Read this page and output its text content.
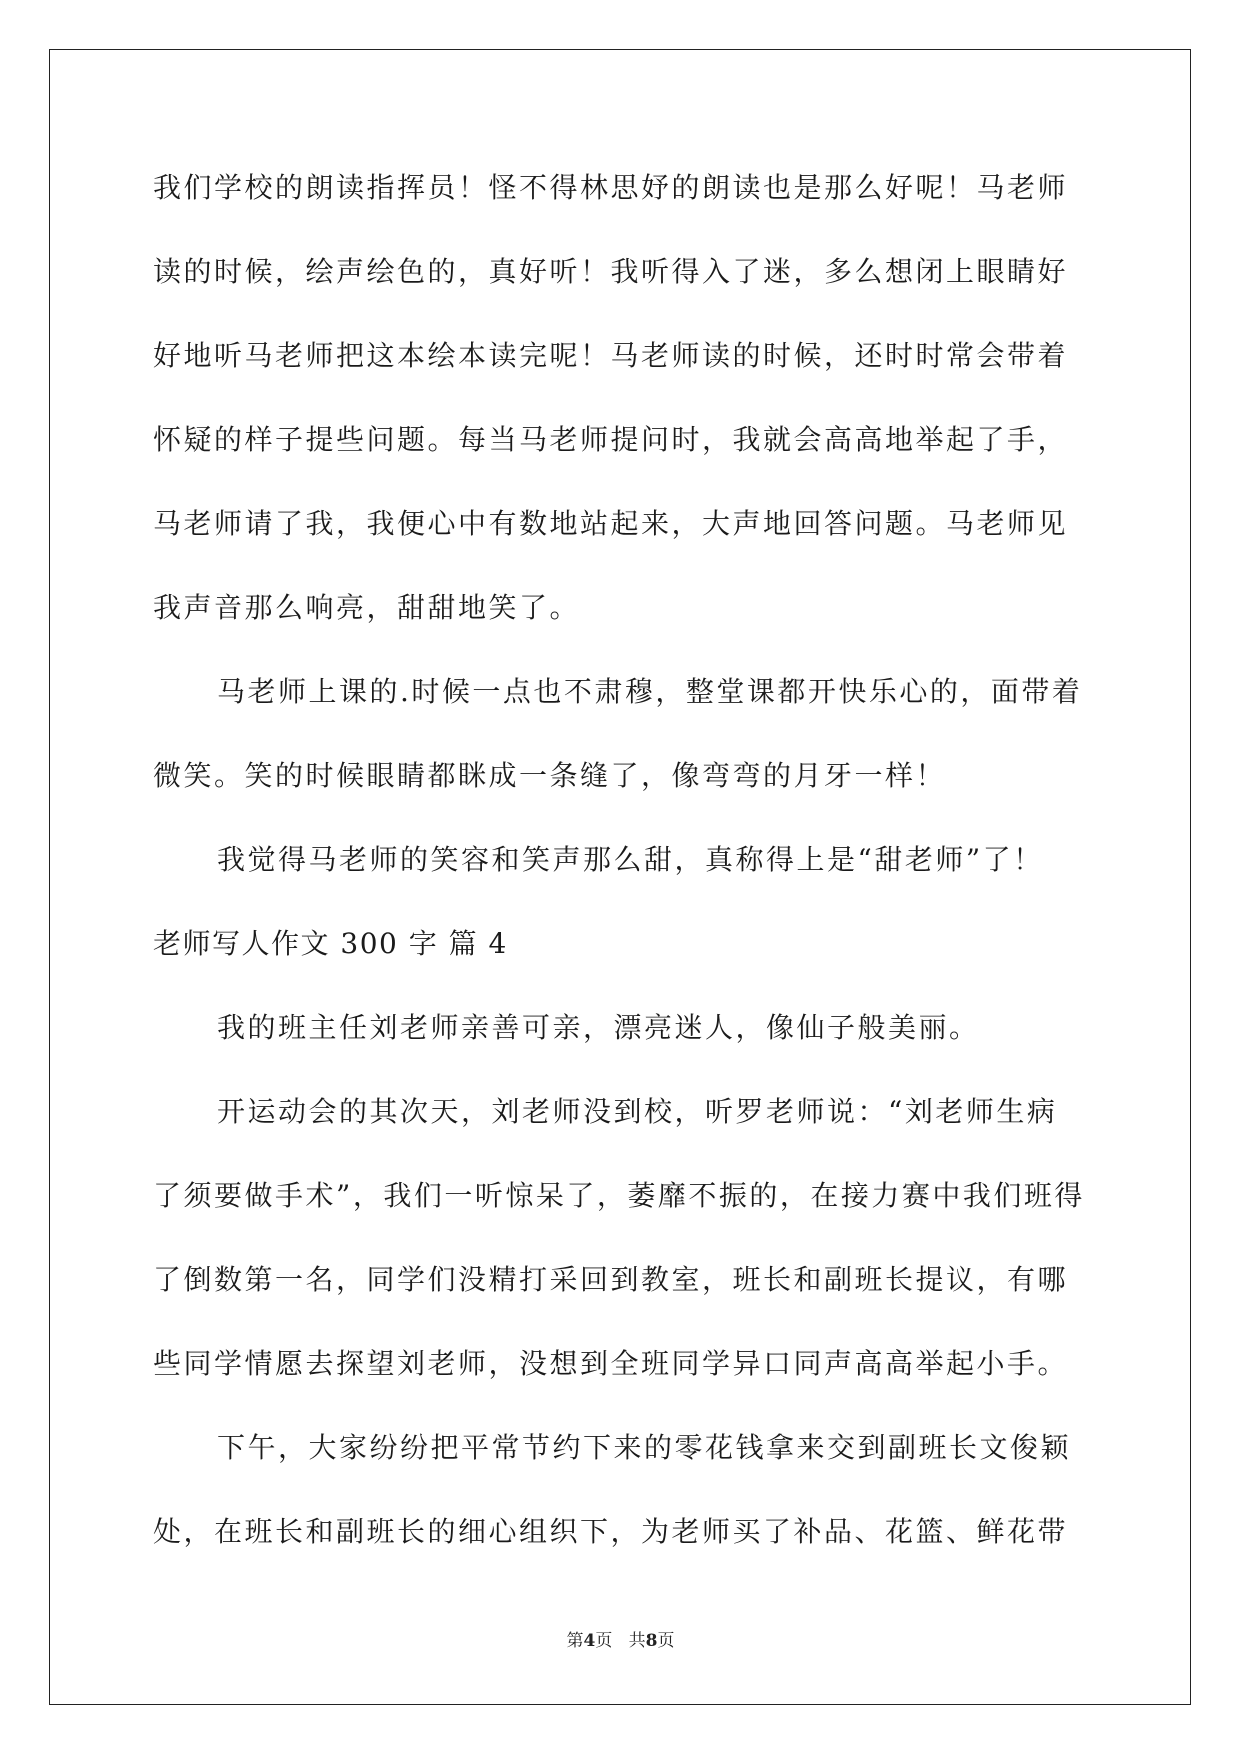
我们学校的朗读指挥员！怪不得林思妤的朗读也是那么好呢！马老师
读的时候，绘声绘色的，真好听！我听得入了迷，多么想闭上眼睛好
好地听马老师把这本绘本读完呢！马老师读的时候，还时时常会带着
怀疑的样子提些问题。每当马老师提问时，我就会高高地举起了手，
马老师请了我，我便心中有数地站起来，大声地回答问题。马老师见
我声音那么响亮，甜甜地笑了。
马老师上课的.时候一点也不肃穆，整堂课都开快乐心的，面带着
微笑。笑的时候眼睛都眯成一条缝了，像弯弯的月牙一样！
我觉得马老师的笑容和笑声那么甜，真称得上是“甜老师”了！
老师写人作文 300 字 篇 4
我的班主任刘老师亲善可亲，漂亮迷人，像仙子般美丽。
开运动会的其次天，刘老师没到校，听罗老师说：“刘老师生病
了须要做手术”，我们一听惊呆了，萎靡不振的，在接力赛中我们班得
了倒数第一名，同学们没精打采回到教室，班长和副班长提议，有哪
些同学情愿去探望刘老师，没想到全班同学异口同声高高举起小手。
下午，大家纷纷把平常节约下来的零花钱拿来交到副班长文俊颖
处，在班长和副班长的细心组织下，为老师买了补品、花篮、鲜花带
第4页 共8页
